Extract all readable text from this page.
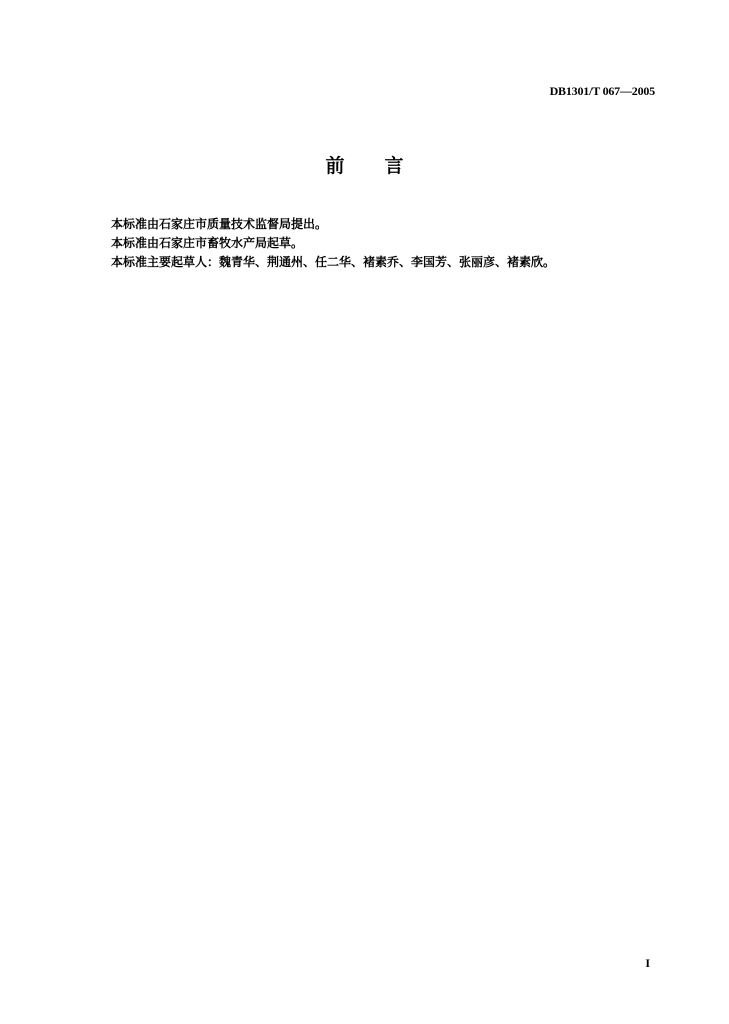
DB1301/T 067—2005
前 言

本标准由石家庄市质量技术监督局提出。

本标准由石家庄市畜牧水产局起草。

本标准主要起草人：魏青华、荆通州、任二华、褚素乔、李国芳、张丽彦、褚素欣。

I
